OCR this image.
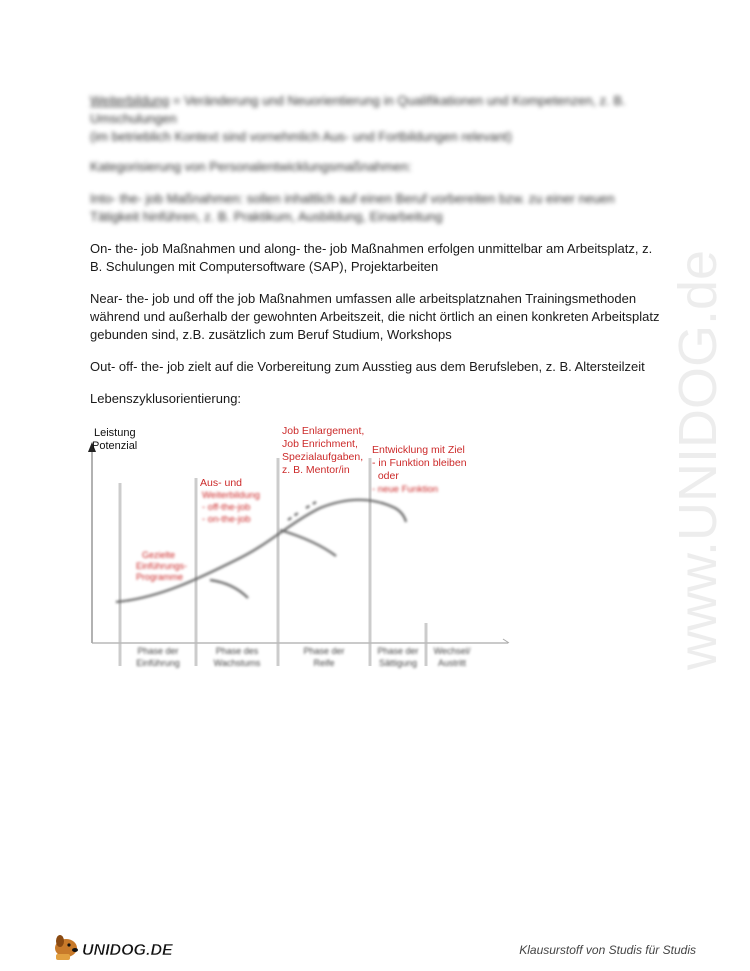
Weiterbildung = Veränderung und Neuorientierung in Qualifikationen und Kompetenzen, z. B. Umschulungen
(im betrieblich Kontext sind vornehmlich Aus- und Fortbildungen relevant)

Kategorisierung von Personalentwicklungsmaßnahmen:

Into- the- job Maßnahmen: sollen inhaltlich auf einen Beruf vorbereiten bzw. zu einer neuen Tätigkeit hinführen, z. B. Praktikum, Ausbildung, Einarbeitung

On- the- job Maßnahmen und along- the- job Maßnahmen erfolgen unmittelbar am Arbeitsplatz, z. B. Schulungen mit Computersoftware (SAP), Projektarbeiten

Near- the- job und off the job Maßnahmen umfassen alle arbeitsplatznahen Trainingsmethoden während und außerhalb der gewohnten Arbeitszeit, die nicht örtlich an einen konkreten Arbeitsplatz gebunden sind, z.B. zusätzlich zum Beruf Studium, Workshops

Out- off- the- job zielt auf die Vorbereitung zum Ausstieg aus dem Berufsleben, z. B. Altersteilzeit

Lebenszyklusorientierung:

Leistung
Potenzial
Gezielte
Einführungs-
Programme
Aus- und
Weiterbildung
- off-the-job
- on-the-job
Job Enlargement,
Job Enrichment,
Spezialaufgaben,
z. B. Mentor/in
Entwicklung mit Ziel
- in Funktion bleiben
oder
- neue Funktion
Phase der
Einführung
Phase des
Wachstums
Phase der
Reife
Phase der
Sättigung
Wechsel/
Austritt	www.UNIDOG.de
UNIDOG.DE	Klausurstoff von Studis für Studis
